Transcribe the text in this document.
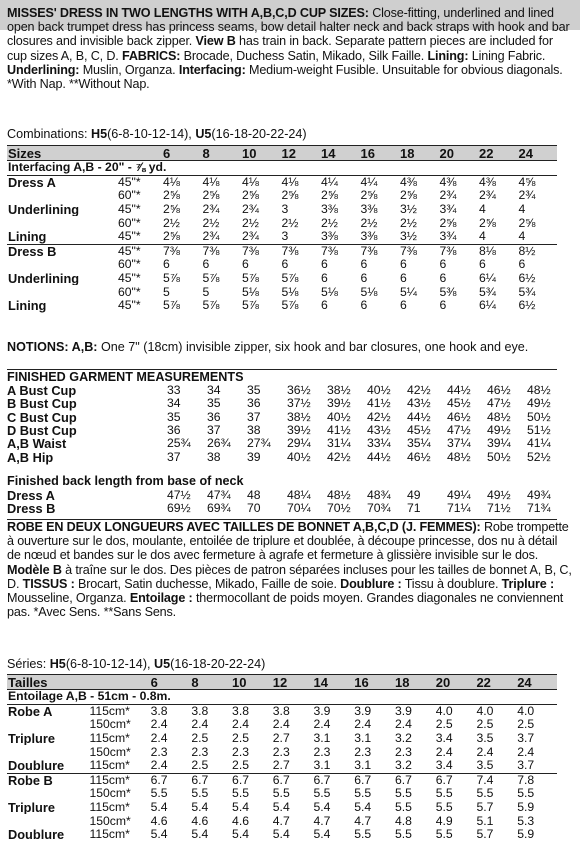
MISSES' DRESS IN TWO LENGTHS WITH A,B,C,D CUP SIZES: Close-fitting, underlined and lined open back trumpet dress has princess seams, bow detail halter neck and back straps with hook and bar closures and invisible back zipper. View B has train in back. Separate pattern pieces are included for cup sizes A, B, C, D. FABRICS: Brocade, Duchess Satin, Mikado, Silk Faille. Lining: Lining Fabric. Underlining: Muslin, Organza. Interfacing: Medium-weight Fusible. Unsuitable for obvious diagonals. *With Nap. **Without Nap.
Combinations: H5(6-8-10-12-14), U5(16-18-20-22-24)
Sizes		6	8	10	12	14	16	18	20	22	24
Interfacing A,B - 20" - ⅞ yd.											
Dress A	45"*	4⅛	4⅛	4⅛	4⅛	4¼	4¼	4⅜	4⅜	4⅜	4⅝
	60"*	2⅝	2⅝	2⅝	2⅝	2⅝	2⅝	2⅝	2¾	2¾	2¾
Underlining	45"*	2⅝	2¾	2¾	3	3⅜	3⅜	3½	3¾	4	4
	60"*	2½	2½	2½	2½	2½	2½	2½	2⅝	2⅝	2⅝
Lining	45"*	2⅝	2¾	2¾	3	3⅜	3⅜	3½	3¾	4	4
Dress B	45"*	7⅜	7⅜	7⅜	7⅜	7⅜	7⅜	7⅜	7⅜	8⅛	8½
	60"*	6	6	6	6	6	6	6	6	6	6
Underlining	45"*	5⅞	5⅞	5⅞	5⅞	6	6	6	6	6¼	6½
	60"*	5	5	5⅛	5⅛	5⅛	5⅛	5¼	5⅜	5¾	5¾
Lining	45"*	5⅞	5⅞	5⅞	5⅞	6	6	6	6	6¼	6½
NOTIONS: A,B: One 7" (18cm) invisible zipper, six hook and bar closures, one hook and eye.
FINISHED GARMENT MEASUREMENTS
A Bust Cup	33	34	35	36½	38½	40½	42½	44½	46½	48½
B Bust Cup	34	35	36	37½	39½	41½	43½	45½	47½	49½
C Bust Cup	35	36	37	38½	40½	42½	44½	46½	48½	50½
D Bust Cup	36	37	38	39½	41½	43½	45½	47½	49½	51½
A,B Waist	25¾	26¾	27¾	29¼	31¼	33¼	35¼	37¼	39¼	41¼
A,B Hip	37	38	39	40½	42½	44½	46½	48½	50½	52½
Finished back length from base of neck
Dress A	47½	47¾	48	48¼	48½	48¾	49	49¼	49½	49¾
Dress B	69½	69¾	70	70¼	70½	70¾	71	71¼	71½	71¾
ROBE EN DEUX LONGUEURS AVEC TAILLES DE BONNET A,B,C,D (J. FEMMES): Robe trompette à ouverture sur le dos, moulante, entoilée de triplure et doublée, à découpe princesse, dos nu à détail de nœud et bandes sur le dos avec fermeture à agrafe et fermeture à glissière invisible sur le dos. Modèle B à traîne sur le dos. Des pièces de patron séparées incluses pour les tailles de bonnet A, B, C, D. TISSUS : Brocart, Satin duchesse, Mikado, Faille de soie. Doublure : Tissu à doublure. Triplure : Mousseline, Organza. Entoilage : thermocollant de poids moyen. Grandes diagonales ne conviennent pas. *Avec Sens. **Sans Sens.
Séries: H5(6-8-10-12-14), U5(16-18-20-22-24)
Tailles		6	8	10	12	14	16	18	20	22	24
Entoilage A,B - 51cm - 0.8m.											
Robe A	115cm*	3.8	3.8	3.8	3.8	3.9	3.9	3.9	4.0	4.0	4.0
	150cm*	2.4	2.4	2.4	2.4	2.4	2.4	2.4	2.5	2.5	2.5
Triplure	115cm*	2.4	2.5	2.5	2.7	3.1	3.1	3.2	3.4	3.5	3.7
	150cm*	2.3	2.3	2.3	2.3	2.3	2.3	2.3	2.4	2.4	2.4
Doublure	115cm*	2.4	2.5	2.5	2.7	3.1	3.1	3.2	3.4	3.5	3.7
Robe B	115cm*	6.7	6.7	6.7	6.7	6.7	6.7	6.7	6.7	7.4	7.8
	150cm*	5.5	5.5	5.5	5.5	5.5	5.5	5.5	5.5	5.5	5.5
Triplure	115cm*	5.4	5.4	5.4	5.4	5.4	5.4	5.5	5.5	5.7	5.9
	150cm*	4.6	4.6	4.6	4.7	4.7	4.7	4.8	4.9	5.1	5.3
Doublure	115cm*	5.4	5.4	5.4	5.4	5.4	5.5	5.5	5.5	5.7	5.9
